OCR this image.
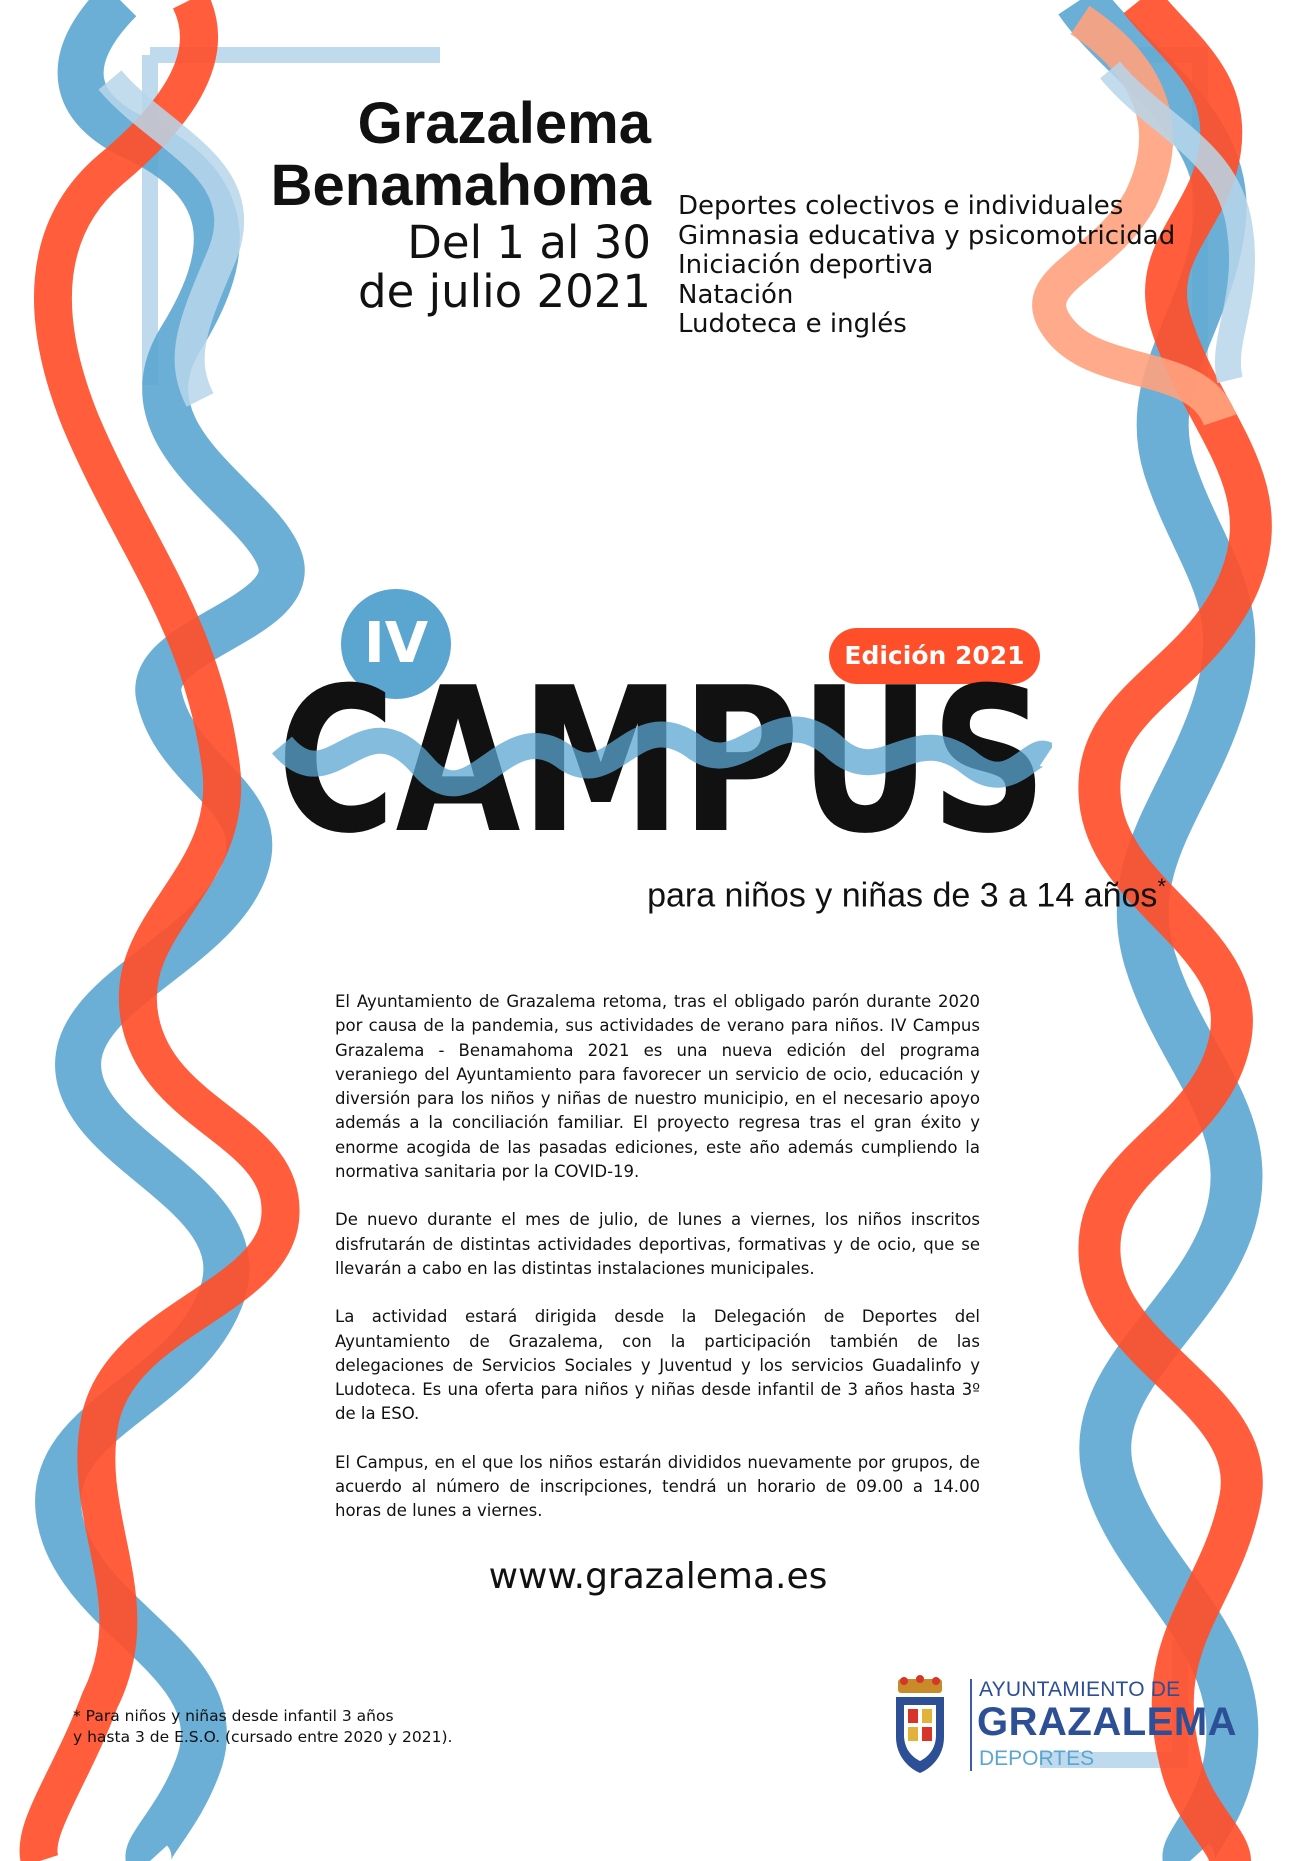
Grazalema
Benamahoma
Del 1 al 30
de julio 2021
Deportes colectivos e individuales
Gimnasia educativa y psicomotricidad
Iniciación deportiva
Natación
Ludoteca e inglés
IV	Edición 2021
CAMPUS
para niños y niñas de 3 a 14 años*

El Ayuntamiento de Grazalema retoma, tras el obligado parón durante 2020 por causa de la pandemia, sus actividades de verano para niños. IV Campus Grazalema - Benamahoma 2021 es una nueva edición del programa veraniego del Ayuntamiento para favorecer un servicio de ocio, educación y diversión para los niños y niñas de nuestro municipio, en el necesario apoyo además a la conciliación familiar. El proyecto regresa tras el gran éxito y enorme acogida de las pasadas ediciones, este año además cumpliendo la normativa sanitaria por la COVID-19.

De nuevo durante el mes de julio, de lunes a viernes, los niños inscritos disfrutarán de distintas actividades deportivas, formativas y de ocio, que se llevarán a cabo en las distintas instalaciones municipales.

La actividad estará dirigida desde la Delegación de Deportes del Ayuntamiento de Grazalema, con la participación también de las delegaciones de Servicios Sociales y Juventud y los servicios Guadalinfo y Ludoteca. Es una oferta para niños y niñas desde infantil de 3 años hasta 3º de la ESO.

El Campus, en el que los niños estarán divididos nuevamente por grupos, de acuerdo al número de inscripciones, tendrá un horario de 09.00 a 14.00 horas de lunes a viernes.

www.grazalema.es
* Para niños y niñas desde infantil 3 años
y hasta 3 de E.S.O. (cursado entre 2020 y 2021).
AYUNTAMIENTO DE
GRAZALEMA
DEPORTES
